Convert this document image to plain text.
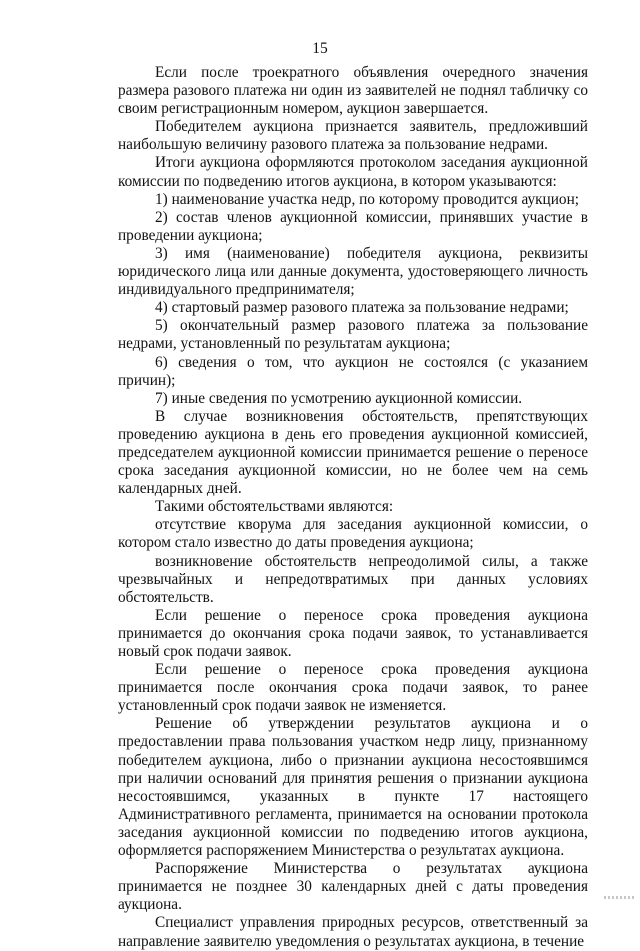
15

Если после троекратного объявления очередного значения размера разового платежа ни один из заявителей не поднял табличку со своим регистрационным номером, аукцион завершается.

Победителем аукциона признается заявитель, предложивший наибольшую величину разового платежа за пользование недрами.

Итоги аукциона оформляются протоколом заседания аукционной комиссии по подведению итогов аукциона, в котором указываются:

1) наименование участка недр, по которому проводится аукцион;

2) состав членов аукционной комиссии, принявших участие в проведении аукциона;

3) имя (наименование) победителя аукциона, реквизиты юридического лица или данные документа, удостоверяющего личность индивидуального предпринимателя;

4) стартовый размер разового платежа за пользование недрами;

5) окончательный размер разового платежа за пользование недрами, установленный по результатам аукциона;

6) сведения о том, что аукцион не состоялся (с указанием причин);

7) иные сведения по усмотрению аукционной комиссии.

В случае возникновения обстоятельств, препятствующих проведению аукциона в день его проведения аукционной комиссией, председателем аукционной комиссии принимается решение о переносе срока заседания аукционной комиссии, но не более чем на семь календарных дней.

Такими обстоятельствами являются:

отсутствие кворума для заседания аукционной комиссии, о котором стало известно до даты проведения аукциона;

возникновение обстоятельств непреодолимой силы, а также чрезвычайных и непредотвратимых при данных условиях обстоятельств.

Если решение о переносе срока проведения аукциона принимается до окончания срока подачи заявок, то устанавливается новый срок подачи заявок.

Если решение о переносе срока проведения аукциона принимается после окончания срока подачи заявок, то ранее установленный срок подачи заявок не изменяется.

Решение об утверждении результатов аукциона и о предоставлении права пользования участком недр лицу, признанному победителем аукциона, либо о признании аукциона несостоявшимся при наличии оснований для принятия решения о признании аукциона несостоявшимся, указанных в пункте 17 настоящего Административного регламента, принимается на основании протокола заседания аукционной комиссии по подведению итогов аукциона, оформляется распоряжением Министерства о результатах аукциона.

Распоряжение Министерства о результатах аукциона принимается не позднее 30 календарных дней с даты проведения аукциона.

Специалист управления природных ресурсов, ответственный за направление заявителю уведомления о результатах аукциона, в течение
